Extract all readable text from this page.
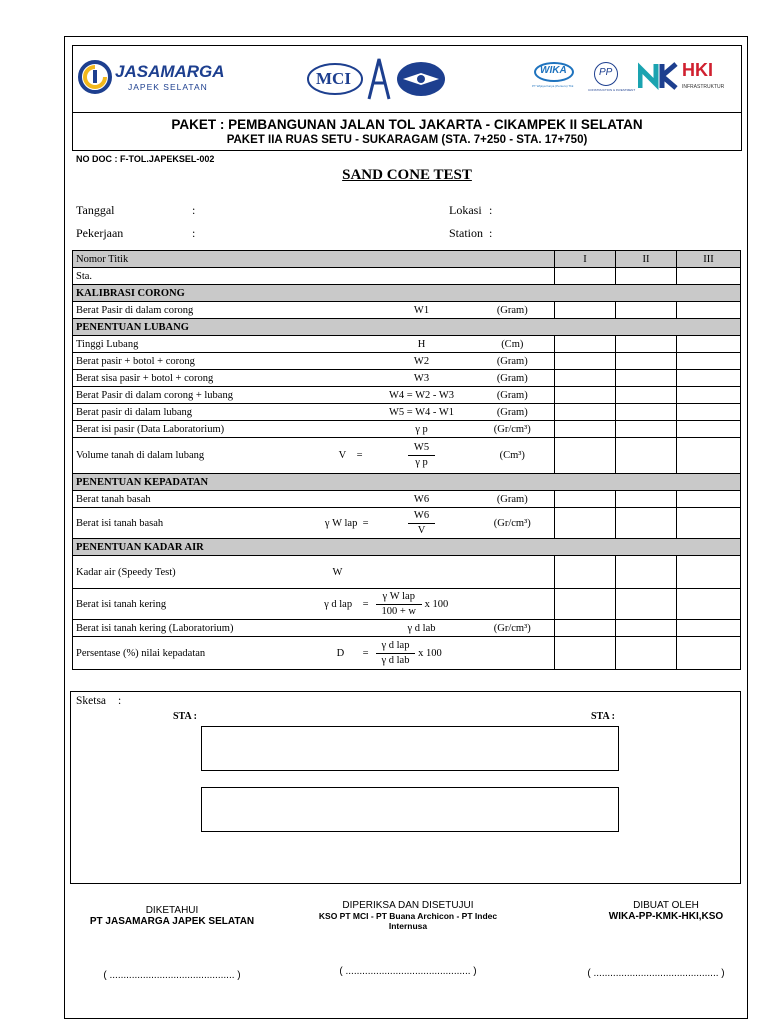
JASAMARGA
JAPEK SELATAN	MCI	WIKA
PT Wijaya Karya (Persero) Tbk
PP
CONSTRUCTION & INVESTMENT
HKI
INFRASTRUKTUR
PAKET : PEMBANGUNAN JALAN TOL JAKARTA - CIKAMPEK II SELATAN
PAKET IIA RUAS SETU - SUKARAGAM (STA. 7+250 - STA. 17+750)
NO DOC : F-TOL.JAPEKSEL-002
SAND CONE TEST
Tanggal	:
Pekerjaan	:
Lokasi :
Station :
Nomor Titik				I	II	III
Sta.						
KALIBRASI CORONG						
Berat Pasir di dalam corong		W1	(Gram)			
PENENTUAN LUBANG						
Tinggi Lubang		H	(Cm)			
Berat pasir + botol + corong		W2	(Gram)			
Berat sisa pasir + botol + corong		W3	(Gram)			
Berat Pasir di dalam corong + lubang		W4 = W2 - W3	(Gram)			
Berat pasir di dalam lubang		W5 = W4 - W1	(Gram)			
Berat isi pasir (Data Laboratorium)		γ p	(Gr/cm³)			
Volume tanah di dalam lubang	V =	$\frac{W5}{\text{γ p}}$	(Cm³)			
PENENTUAN KEPADATAN						
Berat tanah basah		W6	(Gram)			
Berat isi tanah basah	γ W lap =	$\frac{W6}{V}$	(Gr/cm³)			
PENENTUAN KADAR AIR						
Kadar air (Speedy Test)	W					
Berat isi tanah kering	γ d lap =	$\frac{\text{γ W lap}}{100 + w}$ x 100				
Berat isi tanah kering (Laboratorium)		γ d lab	(Gr/cm³)			
Persentase (%) nilai kepadatan	D =	$\frac{\text{γ d lap}}{\text{γ d lab}}$ x 100				
Sketsa :
STA :	STA :
DIKETAHUI
PT JASAMARGA JAPEK SELATAN
DIPERIKSA DAN DISETUJUI
KSO PT MCI - PT Buana Archicon - PT Indec Internusa
DIBUAT OLEH
WIKA-PP-KMK-HKI,KSO
( ............................................. )	( ............................................. )	( ............................................. )
